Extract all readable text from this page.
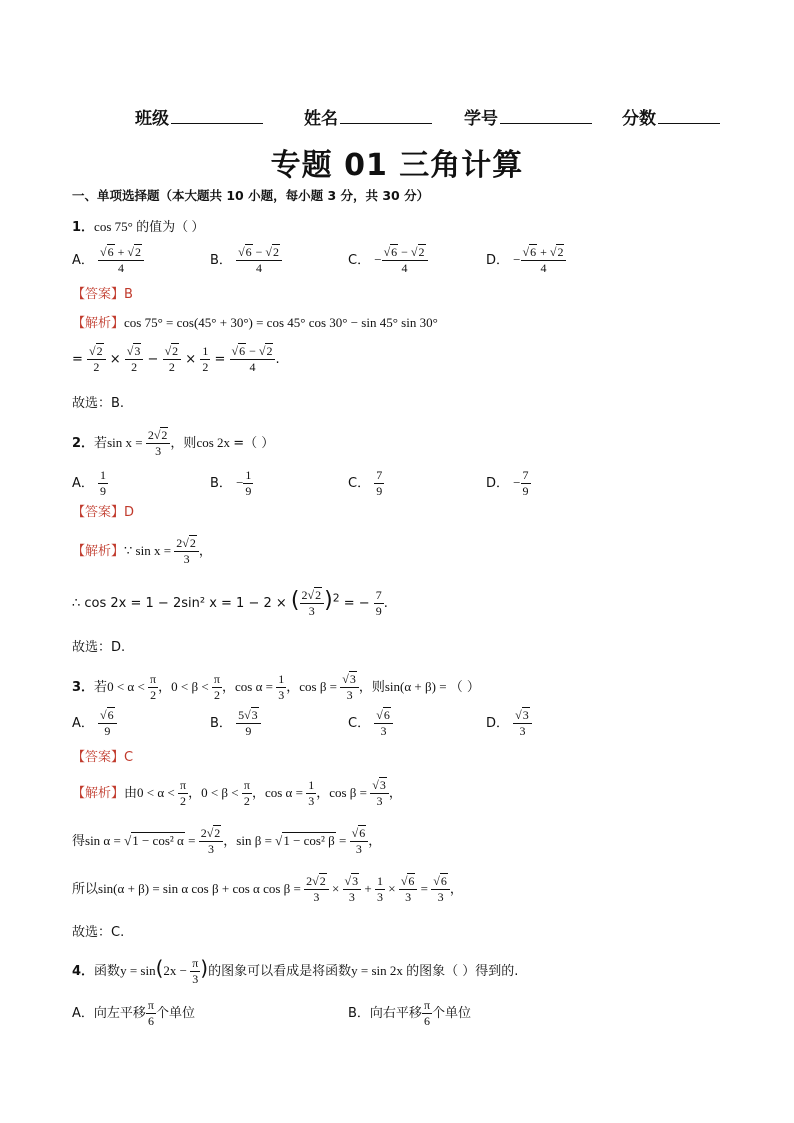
班级	姓名	学号	分数
专题 01 三角计算
一、单项选择题（本大题共 10 小题，每小题 3 分，共 30 分）
1．cos 75° 的值为（ ）
A． $\frac{√6 + √2}{4}$	B． $\frac{√6 - √2}{4}$	C． − $\frac{√6 - √2}{4}$	D． − $\frac{√6 + √2}{4}$
【答案】B
【解析】cos 75° = cos(45° + 30°) = cos 45° cos 30° − sin 45° sin 30°
= $\frac{√2}{2} \times \frac{√3}{2} - \frac{√2}{2} \times \frac{1}{2} = \frac{√6 - √2}{4}$ .
故选：B.
2．若$\sin x = \frac{2√2}{3}$ ，则cos 2x =（ ）
A． $\frac{1}{9}$	B． − $\frac{1}{9}$	C． $\frac{7}{9}$	D． − $\frac{7}{9}$
【答案】D
【解析】∵ $\sin x = \frac{2√2}{3}$ ，
∴ cos 2x = 1 − 2sin² x = 1 − 2 × ( $\frac{2√2}{3} )^2$ = − $\frac{7}{9}$ .
故选：D.
3．若$0 < \alpha < \frac{\pi}{2}$ ，$0 < \beta < \frac{\pi}{2}$ ，$\cos \alpha = \frac{1}{3}$ ，$\cos \beta = \frac{√3}{3}$ ，则sin(α + β) = （ ）
A． $\frac{√6}{9}$	B． $\frac{5√3}{9}$	C． $\frac{√6}{3}$	D． $\frac{√3}{3}$
【答案】C
【解析】由$0 < \alpha < \frac{\pi}{2}$ ，$0 < \beta < \frac{\pi}{2}$ ，$\cos \alpha = \frac{1}{3}$ ，$\cos \beta = \frac{√3}{3}$ ，
得sin α = √1 − cos² $\alpha = \frac{2√2}{3}$ ，sin β = √1 − cos² $\beta = \frac{√6}{3}$ ，
所以sin(α + β) = sin α cos β + cos α $\cos \beta = \frac{2√2}{3} \times \frac{√3}{3} + \frac{1}{3} \times \frac{√6}{3} = \frac{√6}{3}$ ，
故选：C.
4．函数$y = \sin(2x - \frac{\pi}{3}$ )的图象可以看成是将函数y = sin 2x 的图象（ ）得到的.
A．向左平移 $\frac{\pi}{6}$ 个单位	B．向右平移 $\frac{\pi}{6}$ 个单位
